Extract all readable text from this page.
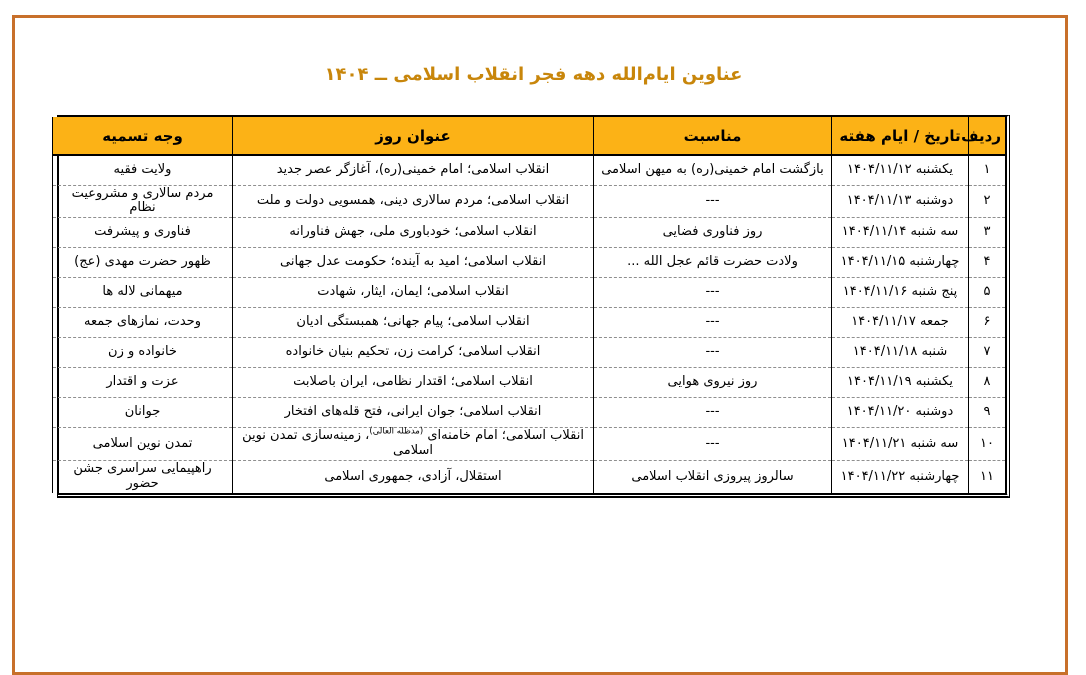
عناوین ایام‌الله دهه فجر انقلاب اسلامی ــ ۱۴۰۴
ردیف	تاریخ / ایام هفته	مناسبت	عنوان روز	وجه تسمیه
۱	یکشنبه ۱۴۰۴/۱۱/۱۲	بازگشت امام خمینی(ره) به میهن اسلامی	انقلاب اسلامی؛ امام خمینی(ره)، آغازگر عصر جدید	ولایت فقیه
۲	دوشنبه ۱۴۰۴/۱۱/۱۳	---	انقلاب اسلامی؛ مردم سالاری دینی، همسویی دولت و ملت	مردم سالاری و مشروعیت نظام
۳	سه شنبه ۱۴۰۴/۱۱/۱۴	روز فناوری فضایی	انقلاب اسلامی؛ خودباوری ملی، جهش فناورانه	فناوری و پیشرفت
۴	چهارشنبه ۱۴۰۴/۱۱/۱۵	ولادت حضرت قائم عجل الله ...	انقلاب اسلامی؛ امید به آینده؛ حکومت عدل جهانی	ظهور حضرت مهدی (عج)
۵	پنج شنبه ۱۴۰۴/۱۱/۱۶	---	انقلاب اسلامی؛ ایمان، ایثار، شهادت	میهمانی لاله ها
۶	جمعه ۱۴۰۴/۱۱/۱۷	---	انقلاب اسلامی؛ پیام جهانی؛ همبستگی ادیان	وحدت، نمازهای جمعه
۷	شنبه ۱۴۰۴/۱۱/۱۸	---	انقلاب اسلامی؛ کرامت زن، تحکیم بنیان خانواده	خانواده و زن
۸	یکشنبه ۱۴۰۴/۱۱/۱۹	روز نیروی هوایی	انقلاب اسلامی؛ اقتدار نظامی، ایران باصلابت	عزت و اقتدار
۹	دوشنبه ۱۴۰۴/۱۱/۲۰	---	انقلاب اسلامی؛ جوان ایرانی، فتح قله‌های افتخار	جوانان
۱۰	سه شنبه ۱۴۰۴/۱۱/۲۱	---	انقلاب اسلامی؛ امام خامنه‌ای $^{(مدظله العالی)}$، زمینه‌سازی تمدن نوین اسلامی	تمدن نوین اسلامی
۱۱	چهارشنبه ۱۴۰۴/۱۱/۲۲	سالروز پیروزی انقلاب اسلامی	استقلال، آزادی، جمهوری اسلامی	راهپیمایی سراسری جشن حضور
